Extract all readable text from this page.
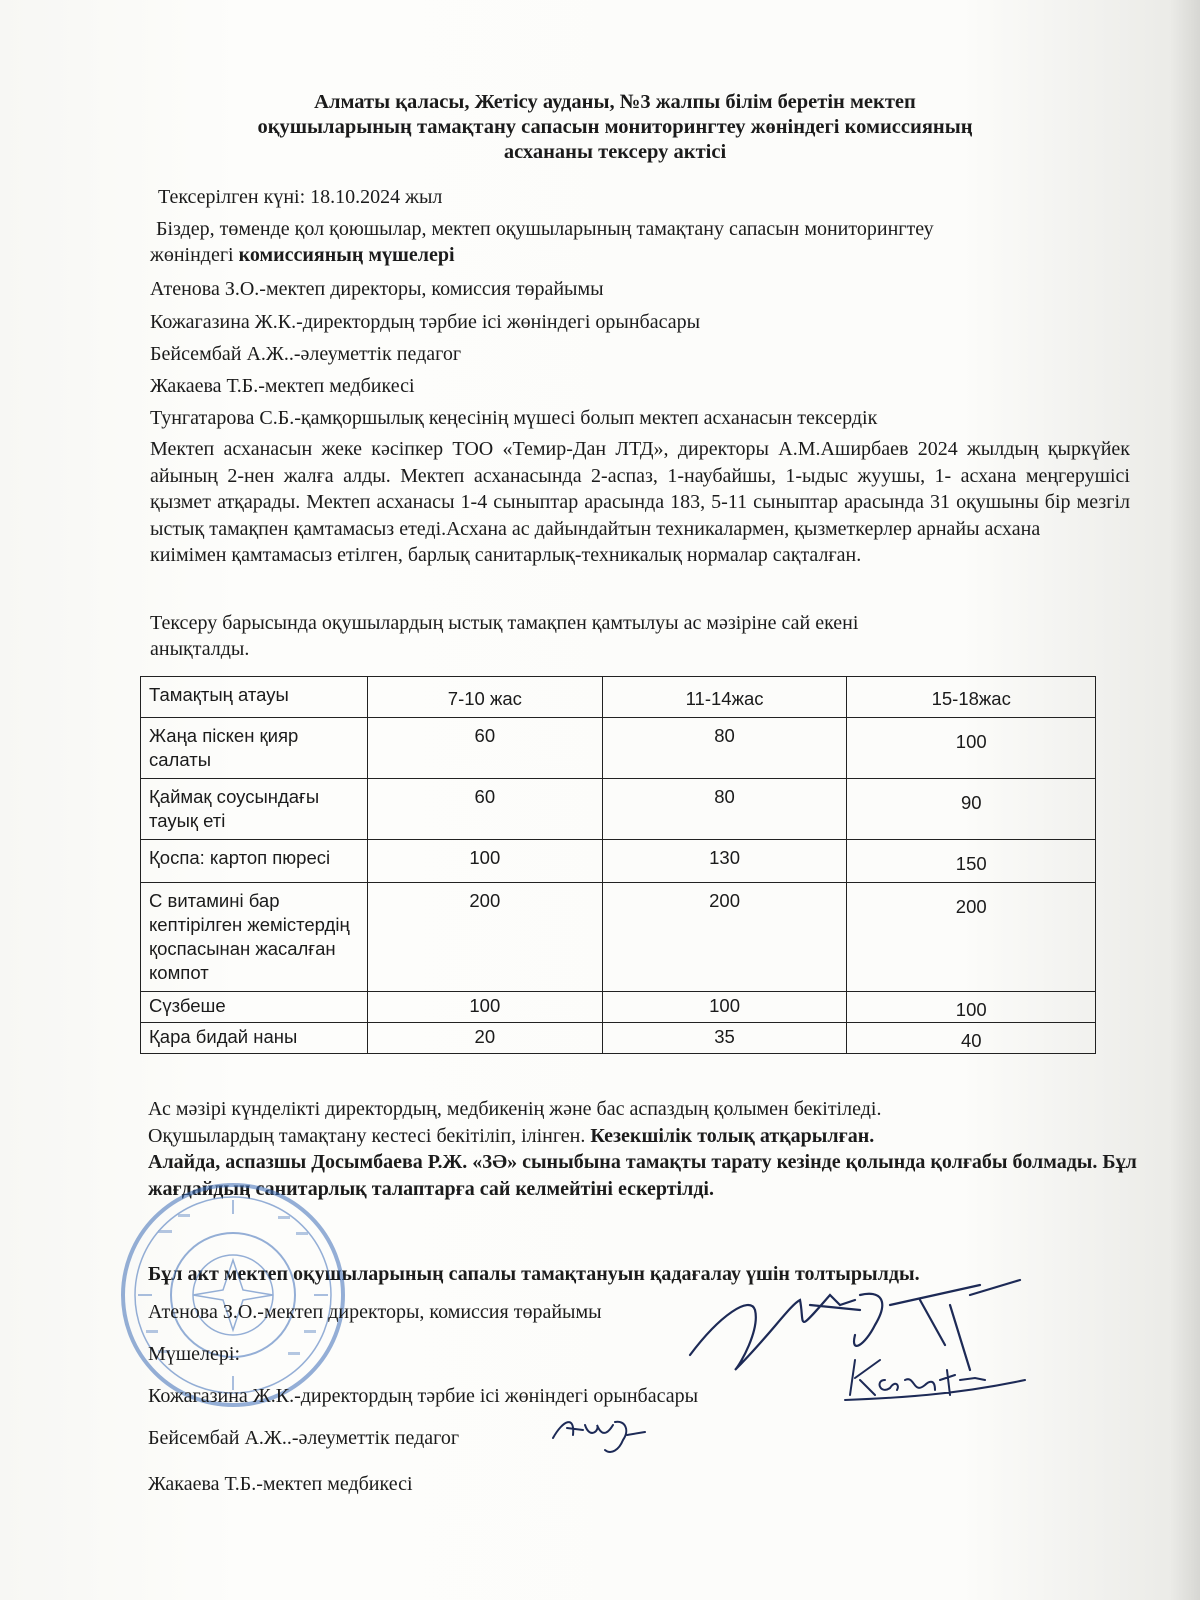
Алматы қаласы, Жетісу ауданы, №3 жалпы білім беретін мектеп
оқушыларының тамақтану сапасын мониторингтеу жөніндегі комиссияның
асхананы тексеру актісі
Тексерілген күні: 18.10.2024 жыл
Біздер, төменде қол қоюшылар, мектеп оқушыларының тамақтану сапасын мониторингтеу
жөніндегі комиссияның мүшелері
Атенова З.О.-мектеп директоры, комиссия төрайымы
Кожагазина Ж.К.-директордың тәрбие ісі жөніндегі орынбасары
Бейсембай А.Ж..-әлеуметтік педагог
Жакаева Т.Б.-мектеп медбикесі
Тунгатарова С.Б.-қамқоршылық кеңесінің мүшесі болып мектеп асханасын тексердік
Мектеп асханасын жеке кәсіпкер ТОО «Темир-Дан ЛТД», директоры А.М.Аширбаев 2024 жылдың қыркүйек айының 2-нен жалға алды. Мектеп асханасында 2-аспаз, 1-наубайшы, 1-ыдыс жуушы, 1- асхана меңгерушісі қызмет атқарады. Мектеп асханасы 1-4 сыныптар арасында 183, 5-11 сыныптар арасында 31 оқушыны бір мезгіл ыстық тамақпен қамтамасыз етеді.Асхана ас дайындайтын техникалармен, қызметкерлер арнайы асхана
киімімен қамтамасыз етілген, барлық санитарлық-техникалық нормалар сақталған.
Тексеру барысында оқушылардың ыстық тамақпен қамтылуы ас мәзіріне сай екені
анықталды.
Тамақтың атауы	7-10 жас	11-14жас	15-18жас
Жаңа піскен қияр салаты	60	80	100
Қаймақ соусындағы тауық еті	60	80	90
Қоспа: картоп пюресі	100	130	150
С витамині бар кептірілген жемістердің қоспасынан жасалған компот	200	200	200
Сүзбеше	100	100	100
Қара бидай наны	20	35	40
Ас мәзірі күнделікті директордың, медбикенің және бас аспаздың қолымен бекітіледі.
Оқушылардың тамақтану кестесі бекітіліп, ілінген. Кезекшілік толық атқарылған.
Алайда, аспазшы Досымбаева Р.Ж. «3Ә» сыныбына тамақты тарату кезінде қолында қолғабы болмады. Бұл жағдайдың санитарлық талаптарға сай келмейтіні ескертілді.
Бұл акт мектеп оқушыларының сапалы тамақтануын қадағалау үшін толтырылды.
Атенова З.О.-мектеп директоры, комиссия төрайымы
Мүшелері:
Кожагазина Ж.К.-директордың тәрбие ісі жөніндегі орынбасары
Бейсембай А.Ж..-әлеуметтік педагог
Жакаева Т.Б.-мектеп медбикесі
